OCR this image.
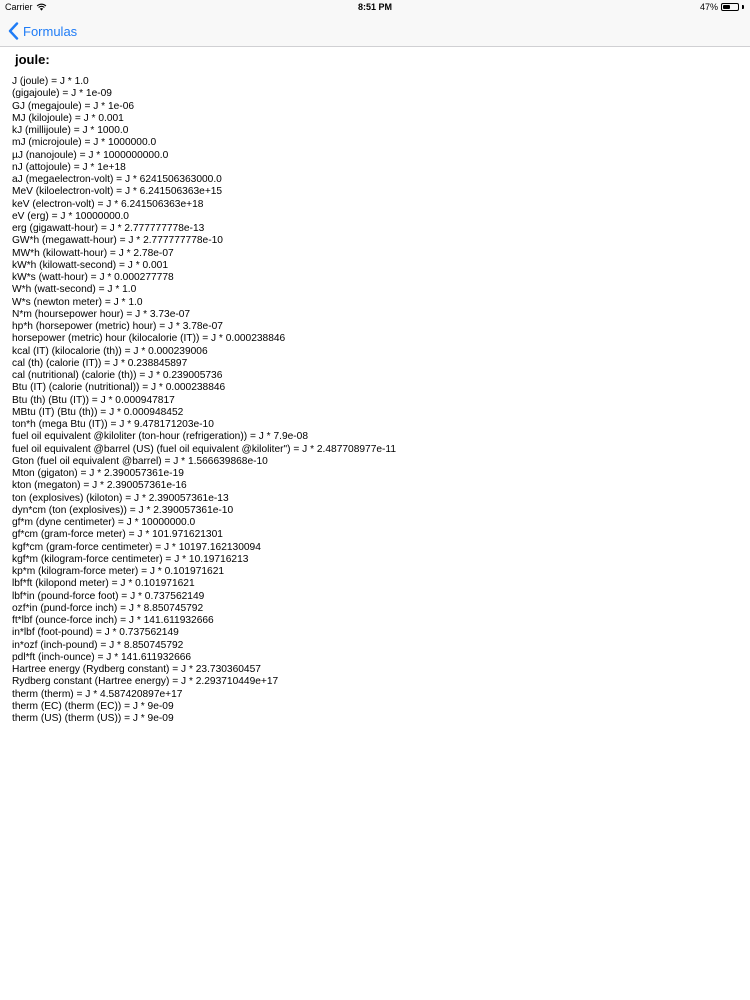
Carrier	8:51 PM	47%
Formulas
joule:
J (joule) = J * 1.0
(gigajoule) = J * 1e-09
GJ (megajoule) = J * 1e-06
MJ (kilojoule) = J * 0.001
kJ (millijoule) = J * 1000.0
mJ (microjoule) = J * 1000000.0
µJ (nanojoule) = J * 1000000000.0
nJ (attojoule) = J * 1e+18
aJ (megaelectron-volt) = J * 6241506363000.0
MeV (kiloelectron-volt) = J * 6.241506363e+15
keV (electron-volt) = J * 6.241506363e+18
eV (erg) = J * 10000000.0
erg (gigawatt-hour) = J * 2.777777778e-13
GW*h (megawatt-hour) = J * 2.777777778e-10
MW*h (kilowatt-hour) = J * 2.78e-07
kW*h (kilowatt-second) = J * 0.001
kW*s (watt-hour) = J * 0.000277778
W*h (watt-second) = J * 1.0
W*s (newton meter) = J * 1.0
N*m (hoursepower hour) = J * 3.73e-07
hp*h (horsepower (metric) hour) = J * 3.78e-07
horsepower (metric) hour (kilocalorie (IT)) = J * 0.000238846
kcal (IT) (kilocalorie (th)) = J * 0.000239006
cal (th) (calorie (IT)) = J * 0.238845897
cal (nutritional) (calorie (th)) = J * 0.239005736
Btu (IT) (calorie (nutritional)) = J * 0.000238846
Btu (th) (Btu (IT)) = J * 0.000947817
MBtu (IT) (Btu (th)) = J * 0.000948452
ton*h (mega Btu (IT)) = J * 9.478171203e-10
fuel oil equivalent @kiloliter (ton-hour (refrigeration)) = J * 7.9e-08
fuel oil equivalent @barrel (US) (fuel oil equivalent @kiloliter") = J * 2.487708977e-11
Gton (fuel oil equivalent @barrel) = J * 1.566639868e-10
Mton (gigaton) = J * 2.390057361e-19
kton (megaton) = J * 2.390057361e-16
ton (explosives) (kiloton) = J * 2.390057361e-13
dyn*cm (ton (explosives)) = J * 2.390057361e-10
gf*m (dyne centimeter) = J * 10000000.0
gf*cm (gram-force meter) = J * 101.971621301
kgf*cm (gram-force centimeter) = J * 10197.162130094
kgf*m (kilogram-force centimeter) = J * 10.19716213
kp*m (kilogram-force meter) = J * 0.101971621
lbf*ft (kilopond meter) = J * 0.101971621
lbf*in (pound-force foot) = J * 0.737562149
ozf*in (pund-force inch) = J * 8.850745792
ft*lbf (ounce-force inch) = J * 141.611932666
in*lbf (foot-pound) = J * 0.737562149
in*ozf (inch-pound) = J * 8.850745792
pdl*ft (inch-ounce) = J * 141.611932666
Hartree energy (Rydberg constant) = J * 23.730360457
Rydberg constant (Hartree energy) = J * 2.293710449e+17
therm (therm) = J * 4.587420897e+17
therm (EC) (therm (EC)) = J * 9e-09
therm (US) (therm (US)) = J * 9e-09
